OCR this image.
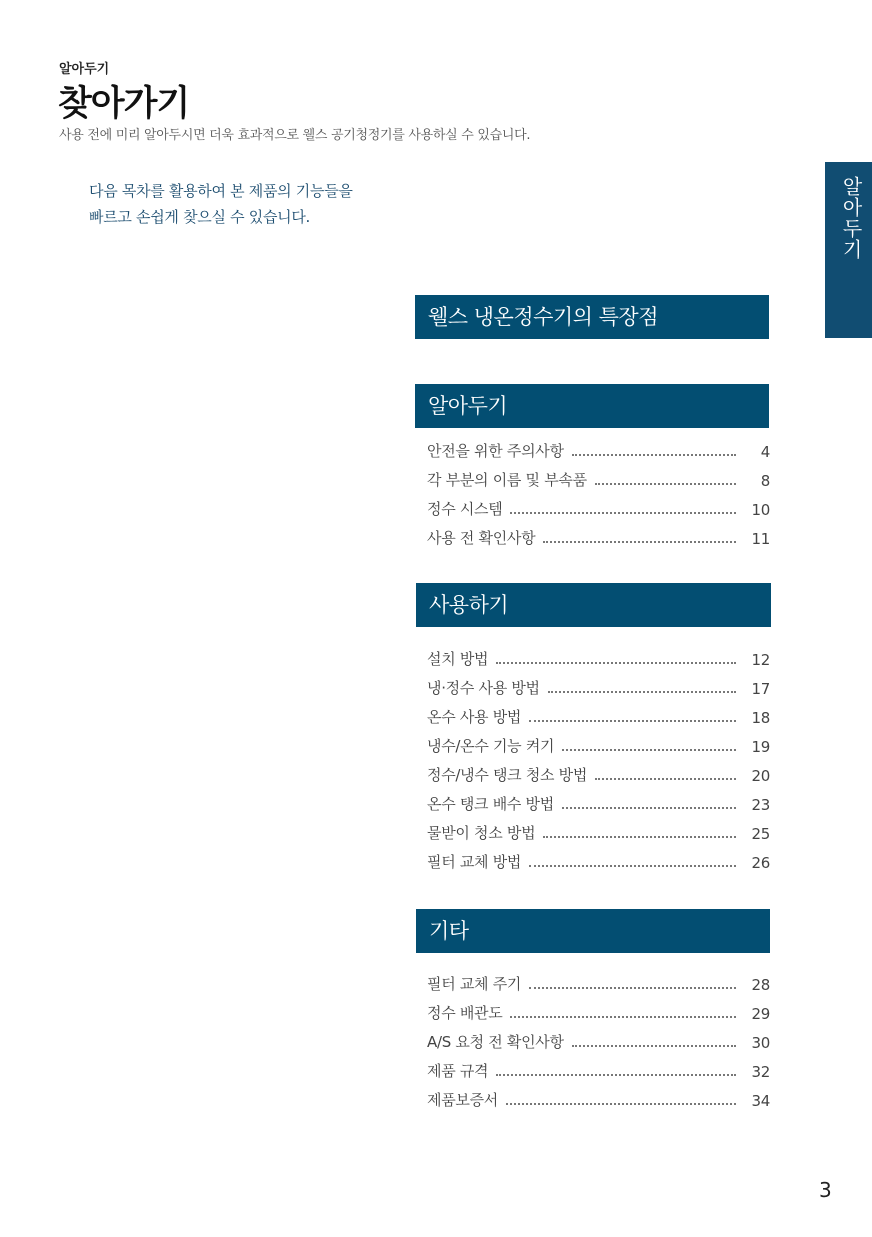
알아두기
찾아가기
사용 전에 미리 알아두시면 더욱 효과적으로 웰스 공기청정기를 사용하실 수 있습니다.
다음 목차를 활용하여 본 제품의 기능들을
빠르고 손쉽게 찾으실 수 있습니다.	알아두기
웰스 냉온정수기의 특장점
알아두기
안전을 위한 주의사항	4
각 부분의 이름 및 부속품	8
정수 시스템	10
사용 전 확인사항	11
사용하기
설치 방법	12
냉·정수 사용 방법	17
온수 사용 방법	18
냉수/온수 기능 켜기	19
정수/냉수 탱크 청소 방법	20
온수 탱크 배수 방법	23
물받이 청소 방법	25
필터 교체 방법	26
기타
필터 교체 주기	28
정수 배관도	29
A/S 요청 전 확인사항	30
제품 규격	32
제품보증서	34
3
